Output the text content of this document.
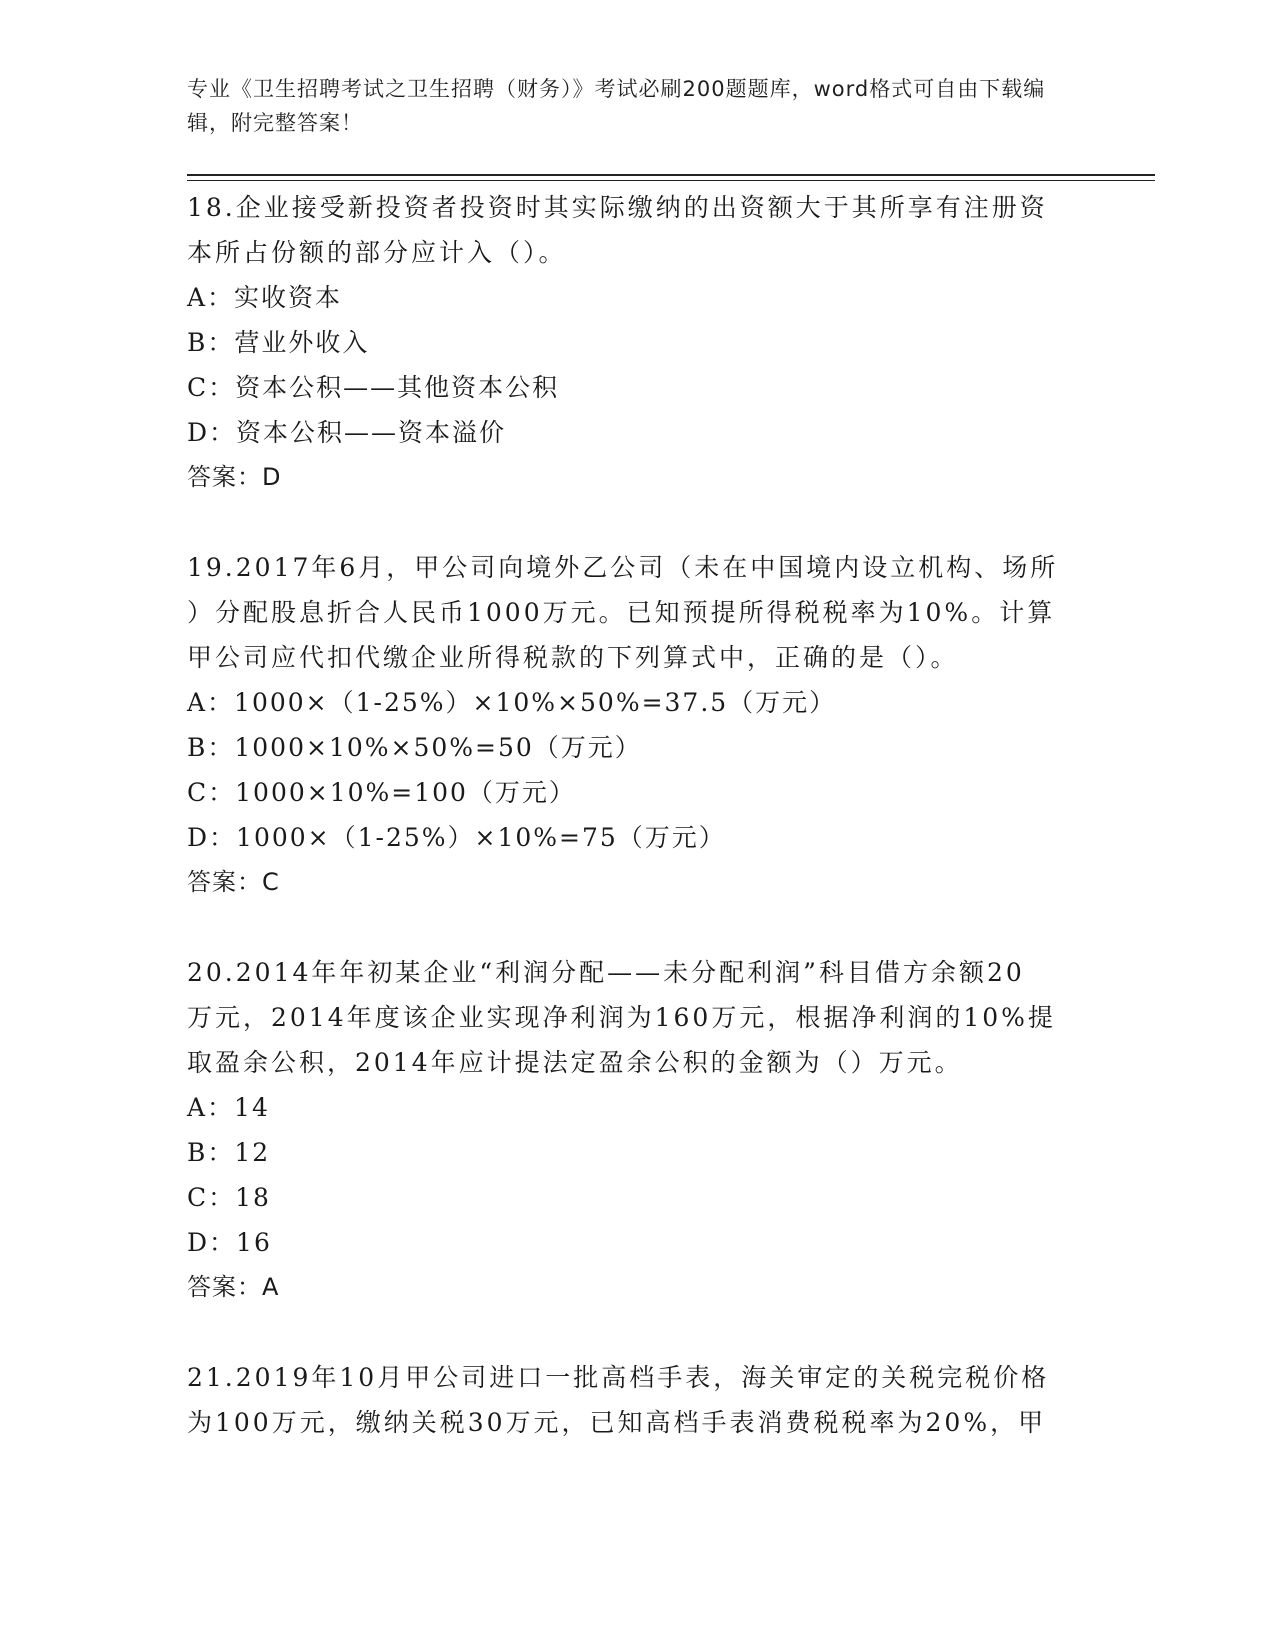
专业《卫生招聘考试之卫生招聘（财务）》考试必刷200题题库，word格式可自由下载编辑，附完整答案！

18.企业接受新投资者投资时其实际缴纳的出资额大于其所享有注册资

本所占份额的部分应计入（）。

A：实收资本

B：营业外收入

C：资本公积——其他资本公积

D：资本公积——资本溢价

答案：D

19.2017年6月，甲公司向境外乙公司（未在中国境内设立机构、场所

）分配股息折合人民币1000万元。已知预提所得税税率为10%。计算

甲公司应代扣代缴企业所得税款的下列算式中，正确的是（）。

A：1000×（1-25%）×10%×50%=37.5（万元）

B：1000×10%×50%=50（万元）

C：1000×10%=100（万元）

D：1000×（1-25%）×10%=75（万元）

答案：C

20.2014年年初某企业“利润分配——未分配利润”科目借方余额20

万元，2014年度该企业实现净利润为160万元，根据净利润的10%提

取盈余公积，2014年应计提法定盈余公积的金额为（）万元。

A：14

B：12

C：18

D：16

答案：A

21.2019年10月甲公司进口一批高档手表，海关审定的关税完税价格

为100万元，缴纳关税30万元，已知高档手表消费税税率为20%，甲
